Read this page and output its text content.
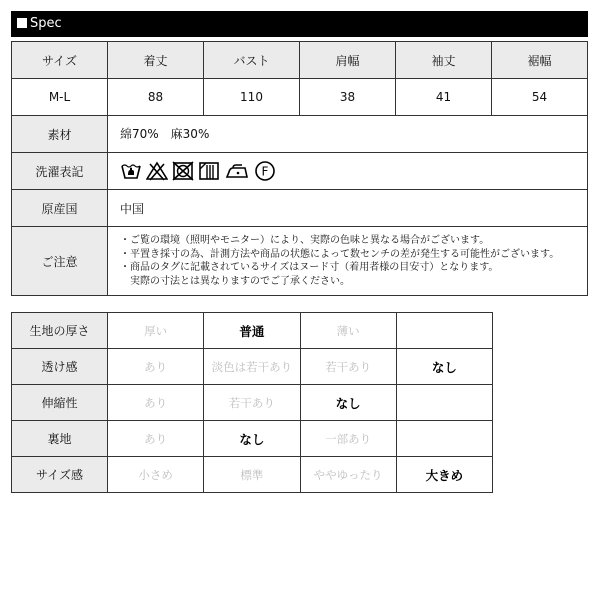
Spec
サイズ	着丈	バスト	肩幅	袖丈	裾幅
M-L	88	110	38	41	54
素材	綿70%　麻30%
洗濯表記	F

原産国	中国
ご注意	・ご覧の環境（照明やモニター）により、実際の色味と異なる場合がございます。
・平置き採寸の為、計測方法や商品の状態によって数センチの差が発生する可能性がございます。
・商品のタグに記載されているサイズはヌード寸（着用者様の目安寸）となります。
　実際の寸法とは異なりますのでご了承ください。
生地の厚さ	厚い	普通	薄い	
透け感	あり	淡色は若干あり	若干あり	なし
伸縮性	あり	若干あり	なし	
裏地	あり	なし	一部あり	
サイズ感	小さめ	標準	ややゆったり	大きめ
